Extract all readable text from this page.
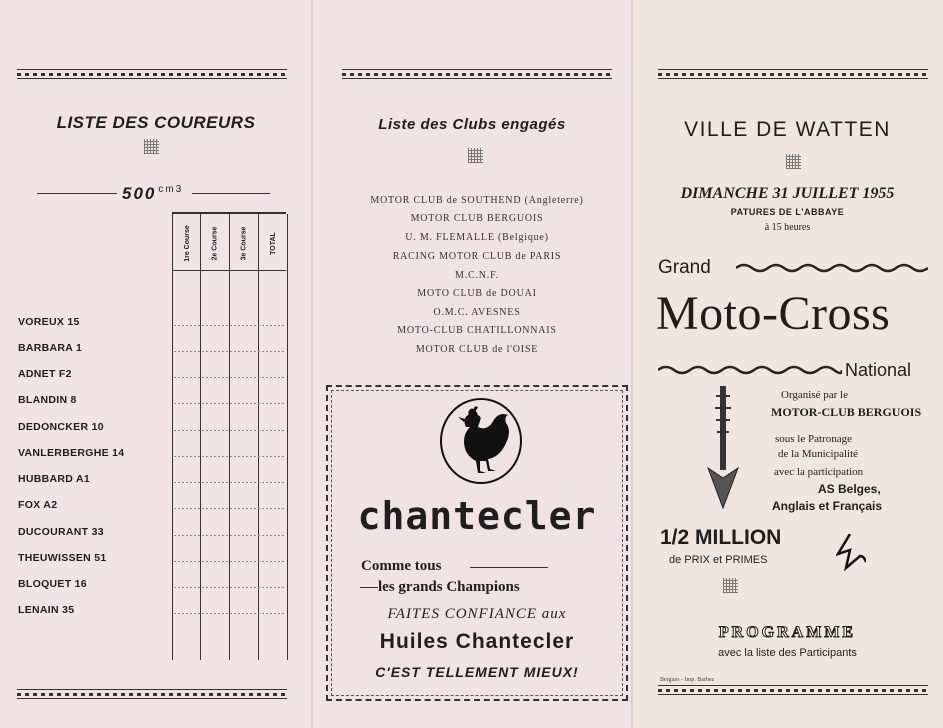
LISTE DES COUREURS
500 $^{cm3}$
1re Course	2e Course	3e Course	TOTAL
VOREUX 15
BARBARA 1
ADNET F2
BLANDIN 8
DEDONCKER 10
VANLERBERGHE 14
HUBBARD A1
FOX A2
DUCOURANT 33
THEUWISSEN 51
BLOQUET 16
LENAIN 35
Liste des Clubs engagés
MOTOR CLUB de SOUTHEND (Angleterre)
MOTOR CLUB BERGUOIS
U. M. FLEMALLE (Belgique)
RACING MOTOR CLUB de PARIS
M.C.N.F.
MOTO CLUB de DOUAI
O.M.C. AVESNES
MOTO-CLUB CHATILLONNAIS
MOTOR CLUB de l'OISE
chantecler
Comme tous
les grands Champions
FAITES CONFIANCE aux
Huiles Chantecler
C'EST TELLEMENT MIEUX!
VILLE DE WATTEN
DIMANCHE 31 JUILLET 1955
PATURES DE L'ABBAYE
à 15 heures
Grand
Moto-Cross
National
Organisé par le
MOTOR-CLUB BERGUOIS
sous le Patronage
de la Municipalité
avec la participation
AS Belges,
Anglais et Français
1/2 MILLION
de PRIX et PRIMES
PROGRAMME
avec la liste des Participants
Bergues - Imp. Barbez
